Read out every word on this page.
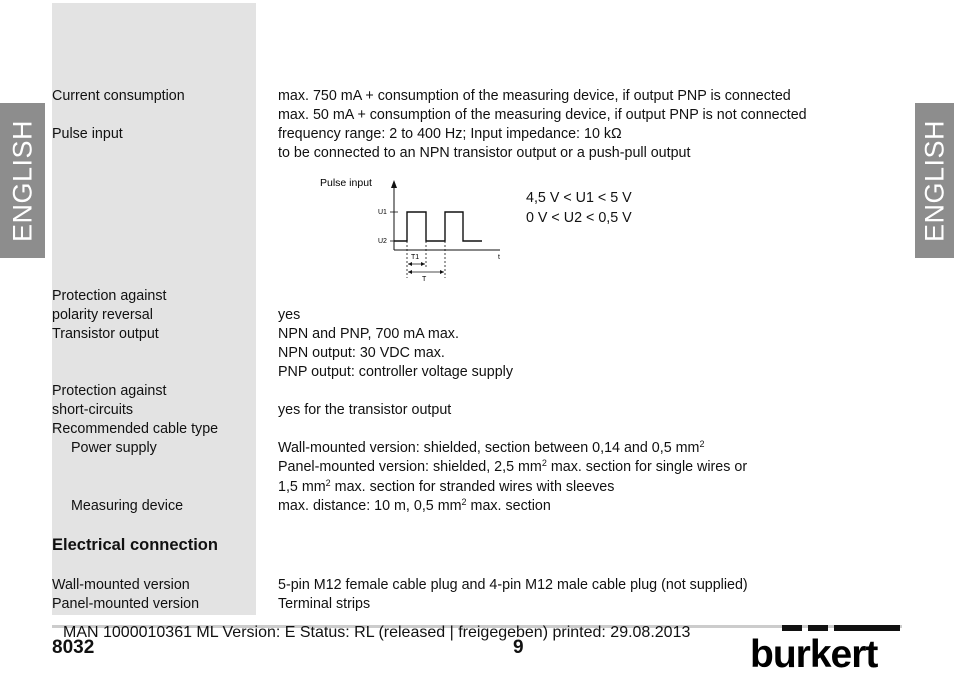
ENGLISH	ENGLISH
Current consumption	max. 750 mA + consumption of the measuring device, if output PNP is connected
max. 50 mA + consumption of the measuring device, if output PNP is not connected
Pulse input	frequency range: 2 to 400 Hz; Input impedance: 10 kΩ
to be connected to an NPN transistor output or a push-pull output
Pulse input
U1
U2
t
T1
T
4,5 V < U1 < 5 V
0 V < U2 < 0,5 V
Protection against
polarity reversal	yes
Transistor output	NPN and PNP, 700 mA max.
NPN output: 30 VDC max.
PNP output: controller voltage supply
Protection against
short-circuits	yes for the transistor output
Recommended cable type
Power supply	Wall-mounted version: shielded, section between 0,14 and 0,5 $mm^2$
Panel-mounted version: shielded, 2,5 $mm^2$ max. section for single wires or
1,5 $mm^2$ max. section for stranded wires with sleeves
Measuring device	max. distance: 10 m, 0,5 $mm^2$ max. section
Electrical connection
Wall-mounted version	5-pin M12 female cable plug and 4-pin M12 male cable plug (not supplied)
Panel-mounted version	Terminal strips
MAN 1000010361 ML Version: E Status: RL (released | freigegeben) printed: 29.08.2013
8032	9	burkert
